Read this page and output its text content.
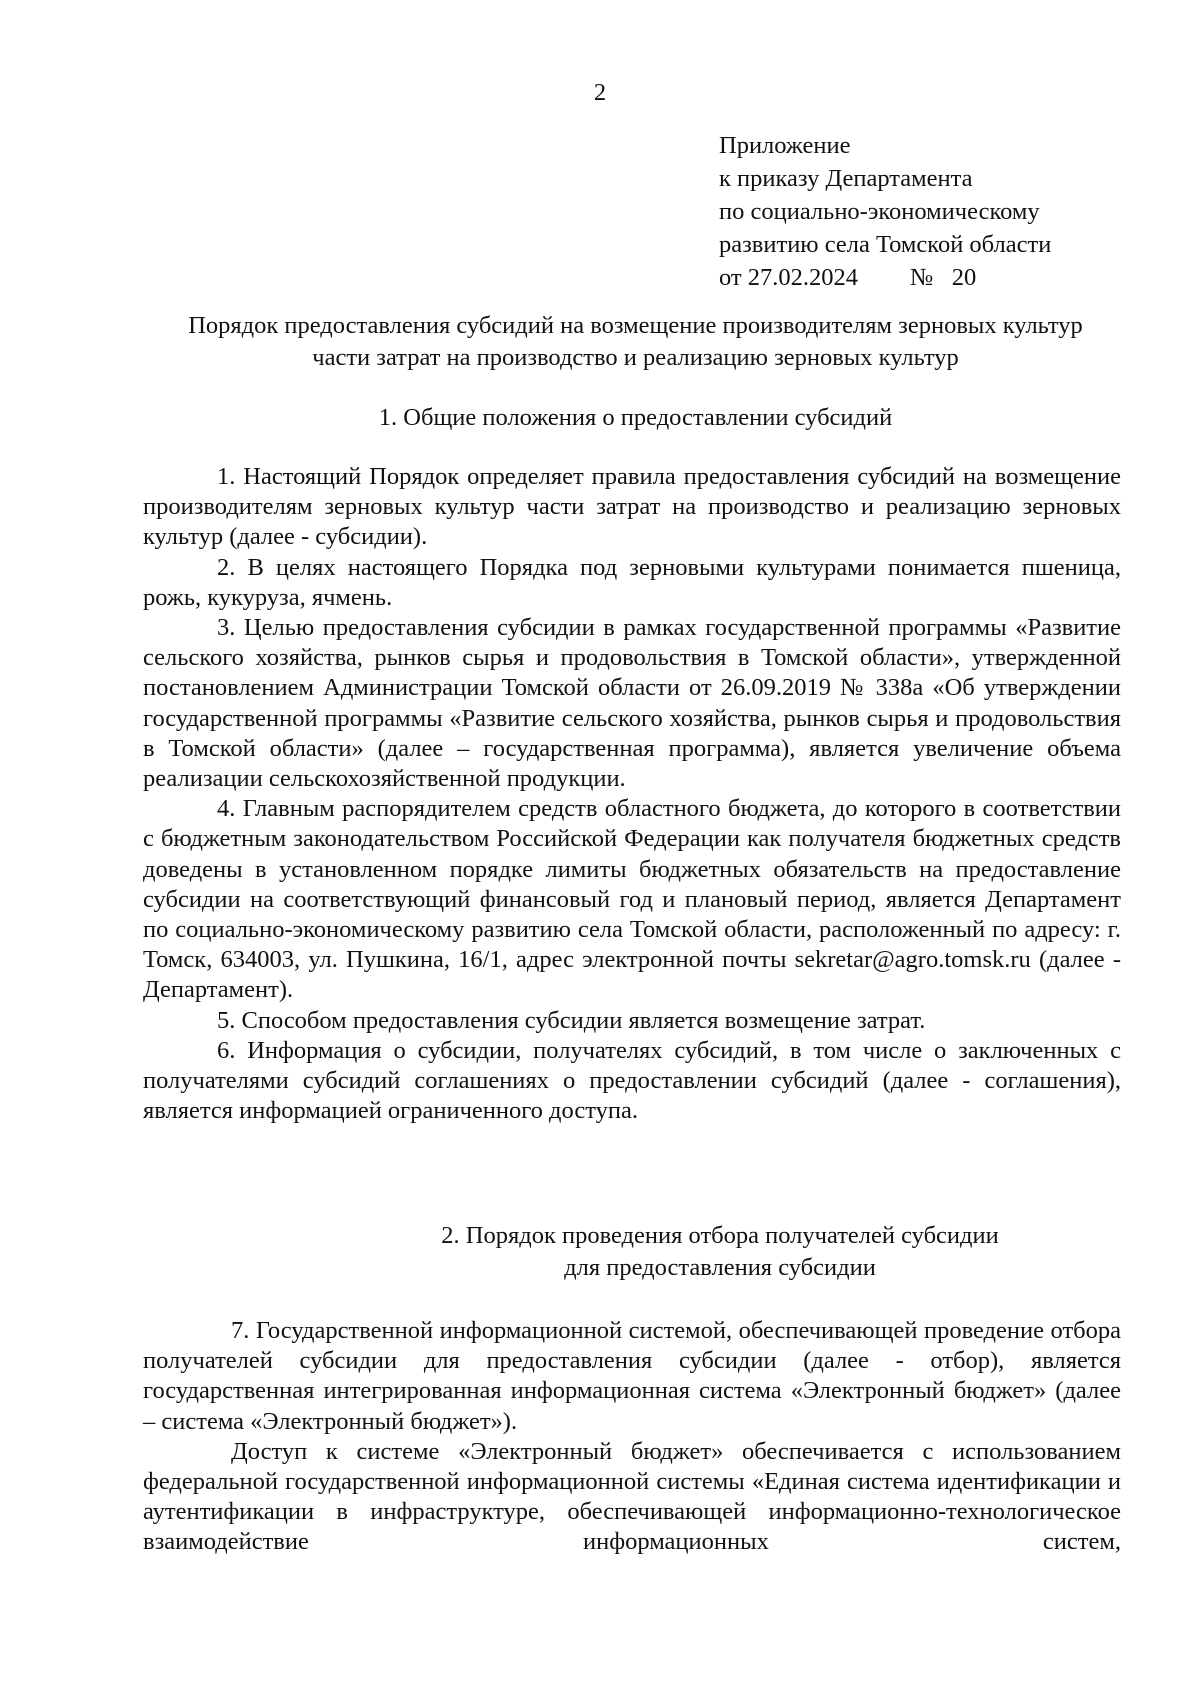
2
Приложение
к приказу Департамента
по социально-экономическому
развитию села Томской области
от 27.02.2024 № 20
Порядок предоставления субсидий на возмещение производителям зерновых культур
части затрат на производство и реализацию зерновых культур
1. Общие положения о предоставлении субсидий

1. Настоящий Порядок определяет правила предоставления субсидий на возмещение производителям зерновых культур части затрат на производство и реализацию зерновых культур (далее - субсидии).

2. В целях настоящего Порядка под зерновыми культурами понимается пшеница, рожь, кукуруза, ячмень.

3. Целью предоставления субсидии в рамках государственной программы «Развитие сельского хозяйства, рынков сырья и продовольствия в Томской области», утвержденной постановлением Администрации Томской области от 26.09.2019 № 338а «Об утверждении государственной программы «Развитие сельского хозяйства, рынков сырья и продовольствия в Томской области» (далее – государственная программа), является увеличение объема реализации сельскохозяйственной продукции.

4. Главным распорядителем средств областного бюджета, до которого в соответствии с бюджетным законодательством Российской Федерации как получателя бюджетных средств доведены в установленном порядке лимиты бюджетных обязательств на предоставление субсидии на соответствующий финансовый год и плановый период, является Департамент по социально-экономическому развитию села Томской области, расположенный по адресу: г. Томск, 634003, ул. Пушкина, 16/1, адрес электронной почты sekretar@agro.tomsk.ru (далее - Департамент).

5. Способом предоставления субсидии является возмещение затрат.

6. Информация о субсидии, получателях субсидий, в том числе о заключенных с получателями субсидий соглашениях о предоставлении субсидий (далее - соглашения), является информацией ограниченного доступа.

2. Порядок проведения отбора получателей субсидии
для предоставления субсидии

7. Государственной информационной системой, обеспечивающей проведение отбора получателей субсидии для предоставления субсидии (далее - отбор), является государственная интегрированная информационная система «Электронный бюджет» (далее – система «Электронный бюджет»).

Доступ к системе «Электронный бюджет» обеспечивается с использованием федеральной государственной информационной системы «Единая система идентификации и аутентификации в инфраструктуре, обеспечивающей информационно-технологическое взаимодействие информационных систем,
